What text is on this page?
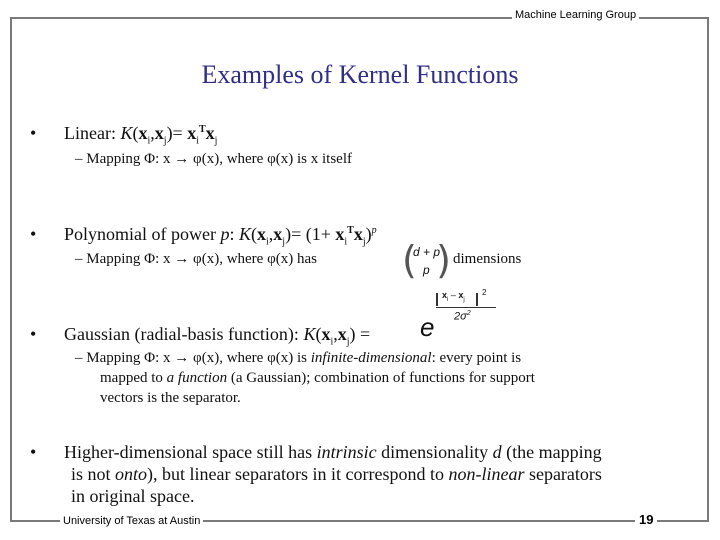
Machine Learning Group
Examples of Kernel Functions
• Linear: $K(x_i,x_j)= x_i^Tx_j$
– Mapping Φ: x → φ(x), where φ(x) is x itself
• Polynomial of power p: $K(x_i,x_j)= (1+ x_i^Tx_j)^p$
– Mapping Φ: x → φ(x), where φ(x) has (
d + p
p ) dimensions
• Gaussian (radial-basis function): $K(x_i,x_j) = e$
$x_i - x_j$
2
$2\sigma^2$
– Mapping Φ: x → φ(x), where φ(x) is infinite-dimensional: every point is
mapped to a function (a Gaussian); combination of functions for support
vectors is the separator.
• Higher-dimensional space still has intrinsic dimensionality d (the mapping
is not onto), but linear separators in it correspond to non-linear separators
in original space.
University of Texas at Austin	19
